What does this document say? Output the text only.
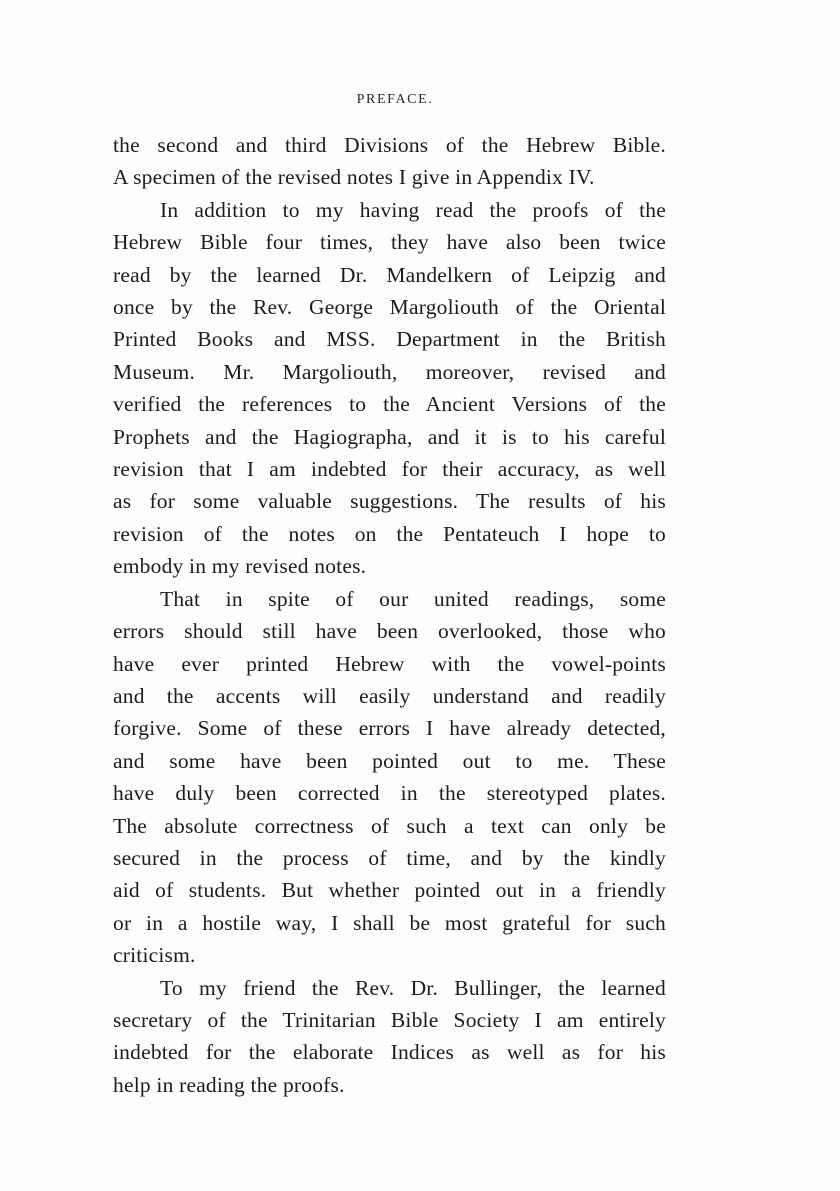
PREFACE.
the second and third Divisions of the Hebrew Bible.
A specimen of the revised notes I give in Appendix IV.
In addition to my having read the proofs of the
Hebrew Bible four times, they have also been twice
read by the learned Dr. Mandelkern of Leipzig and
once by the Rev. George Margoliouth of the Oriental
Printed Books and MSS. Department in the British
Museum. Mr. Margoliouth, moreover, revised and
verified the references to the Ancient Versions of the
Prophets and the Hagiographa, and it is to his careful
revision that I am indebted for their accuracy, as well
as for some valuable suggestions. The results of his
revision of the notes on the Pentateuch I hope to
embody in my revised notes.
That in spite of our united readings, some
errors should still have been overlooked, those who
have ever printed Hebrew with the vowel-points
and the accents will easily understand and readily
forgive. Some of these errors I have already detected,
and some have been pointed out to me. These
have duly been corrected in the stereotyped plates.
The absolute correctness of such a text can only be
secured in the process of time, and by the kindly
aid of students. But whether pointed out in a friendly
or in a hostile way, I shall be most grateful for such
criticism.
To my friend the Rev. Dr. Bullinger, the learned
secretary of the Trinitarian Bible Society I am entirely
indebted for the elaborate Indices as well as for his
help in reading the proofs.
